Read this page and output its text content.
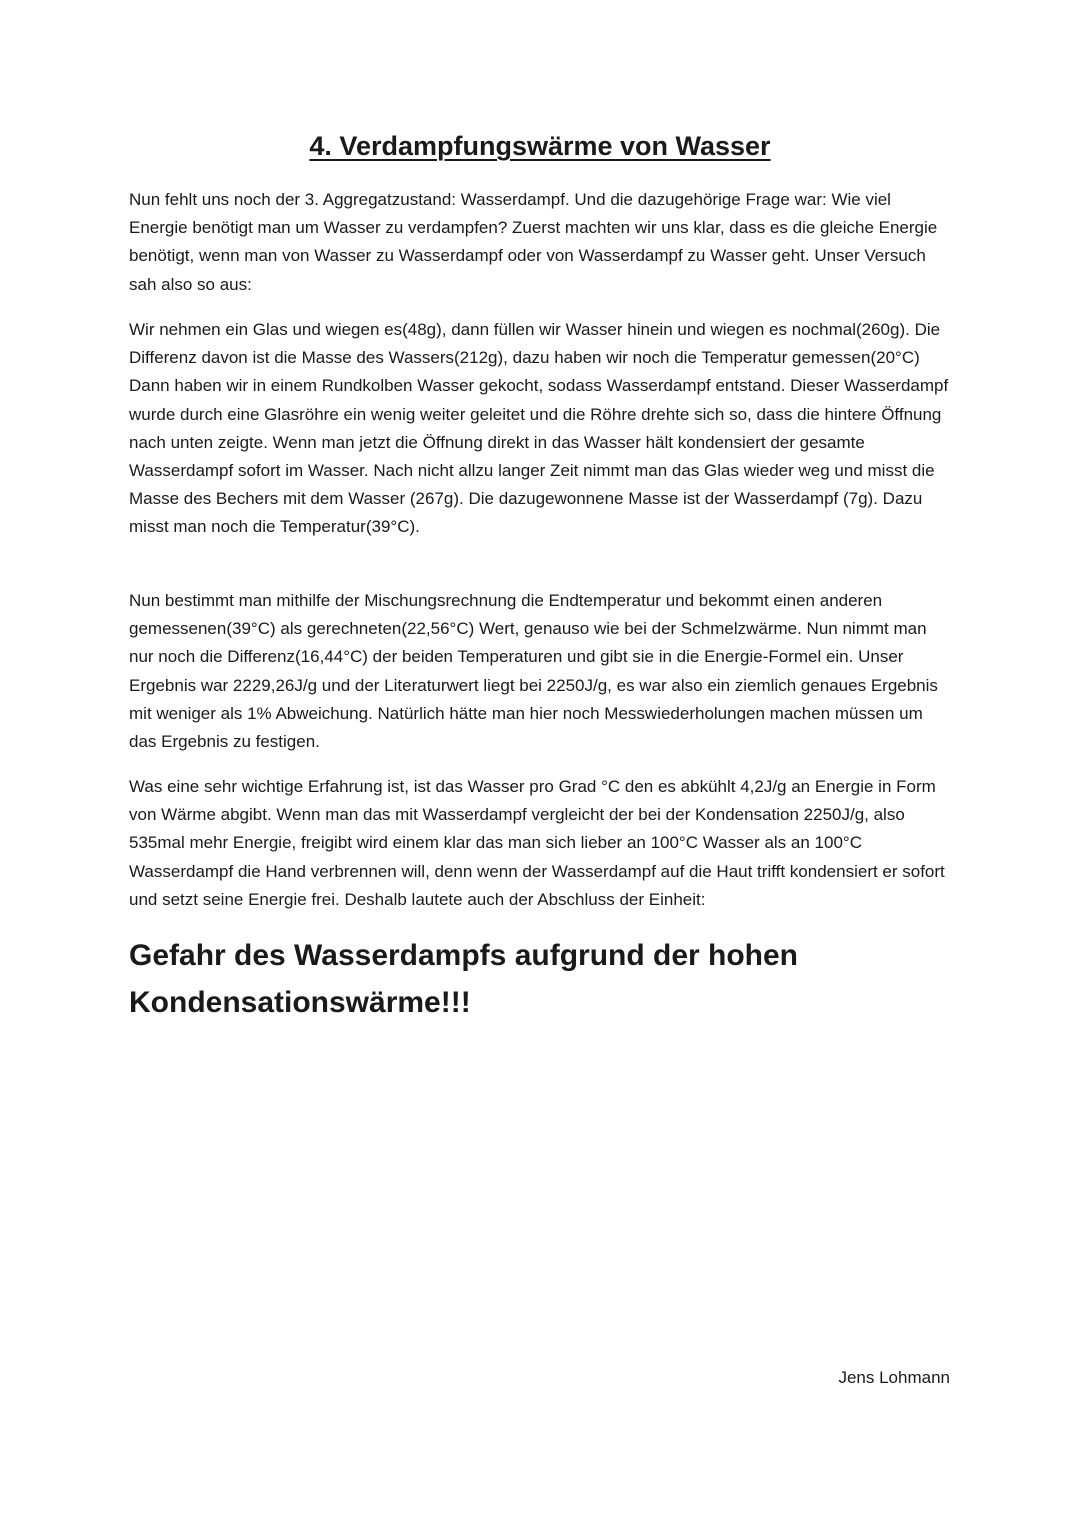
4. Verdampfungswärme von Wasser

Nun fehlt uns noch der 3. Aggregatzustand: Wasserdampf. Und die dazugehörige Frage war: Wie viel Energie benötigt man um Wasser zu verdampfen? Zuerst machten wir uns klar, dass es die gleiche Energie benötigt, wenn man von Wasser zu Wasserdampf oder von Wasserdampf zu Wasser geht. Unser Versuch sah also so aus:

Wir nehmen ein Glas und wiegen es(48g), dann füllen wir Wasser hinein und wiegen es nochmal(260g). Die Differenz davon ist die Masse des Wassers(212g), dazu haben wir noch die Temperatur gemessen(20°C) Dann haben wir in einem Rundkolben Wasser gekocht, sodass Wasserdampf entstand. Dieser Wasserdampf wurde durch eine Glasröhre ein wenig weiter geleitet und die Röhre drehte sich so, dass die hintere Öffnung nach unten zeigte. Wenn man jetzt die Öffnung direkt in das Wasser hält kondensiert der gesamte Wasserdampf sofort im Wasser. Nach nicht allzu langer Zeit nimmt man das Glas wieder weg und misst die Masse des Bechers mit dem Wasser (267g). Die dazugewonnene Masse ist der Wasserdampf (7g). Dazu misst man noch die Temperatur(39°C).

Nun bestimmt man mithilfe der Mischungsrechnung die Endtemperatur und bekommt einen anderen gemessenen(39°C) als gerechneten(22,56°C) Wert, genauso wie bei der Schmelzwärme. Nun nimmt man nur noch die Differenz(16,44°C) der beiden Temperaturen und gibt sie in die Energie-Formel ein. Unser Ergebnis war 2229,26J/g und der Literaturwert liegt bei 2250J/g, es war also ein ziemlich genaues Ergebnis mit weniger als 1% Abweichung. Natürlich hätte man hier noch Messwiederholungen machen müssen um das Ergebnis zu festigen.

Was eine sehr wichtige Erfahrung ist, ist das Wasser pro Grad °C den es abkühlt 4,2J/g an Energie in Form von Wärme abgibt. Wenn man das mit Wasserdampf vergleicht der bei der Kondensation 2250J/g, also 535mal mehr Energie, freigibt wird einem klar das man sich lieber an 100°C Wasser als an 100°C Wasserdampf die Hand verbrennen will, denn wenn der Wasserdampf auf die Haut trifft kondensiert er sofort und setzt seine Energie frei. Deshalb lautete auch der Abschluss der Einheit:

Gefahr des Wasserdampfs aufgrund der hohen Kondensationswärme!!!

Jens Lohmann
